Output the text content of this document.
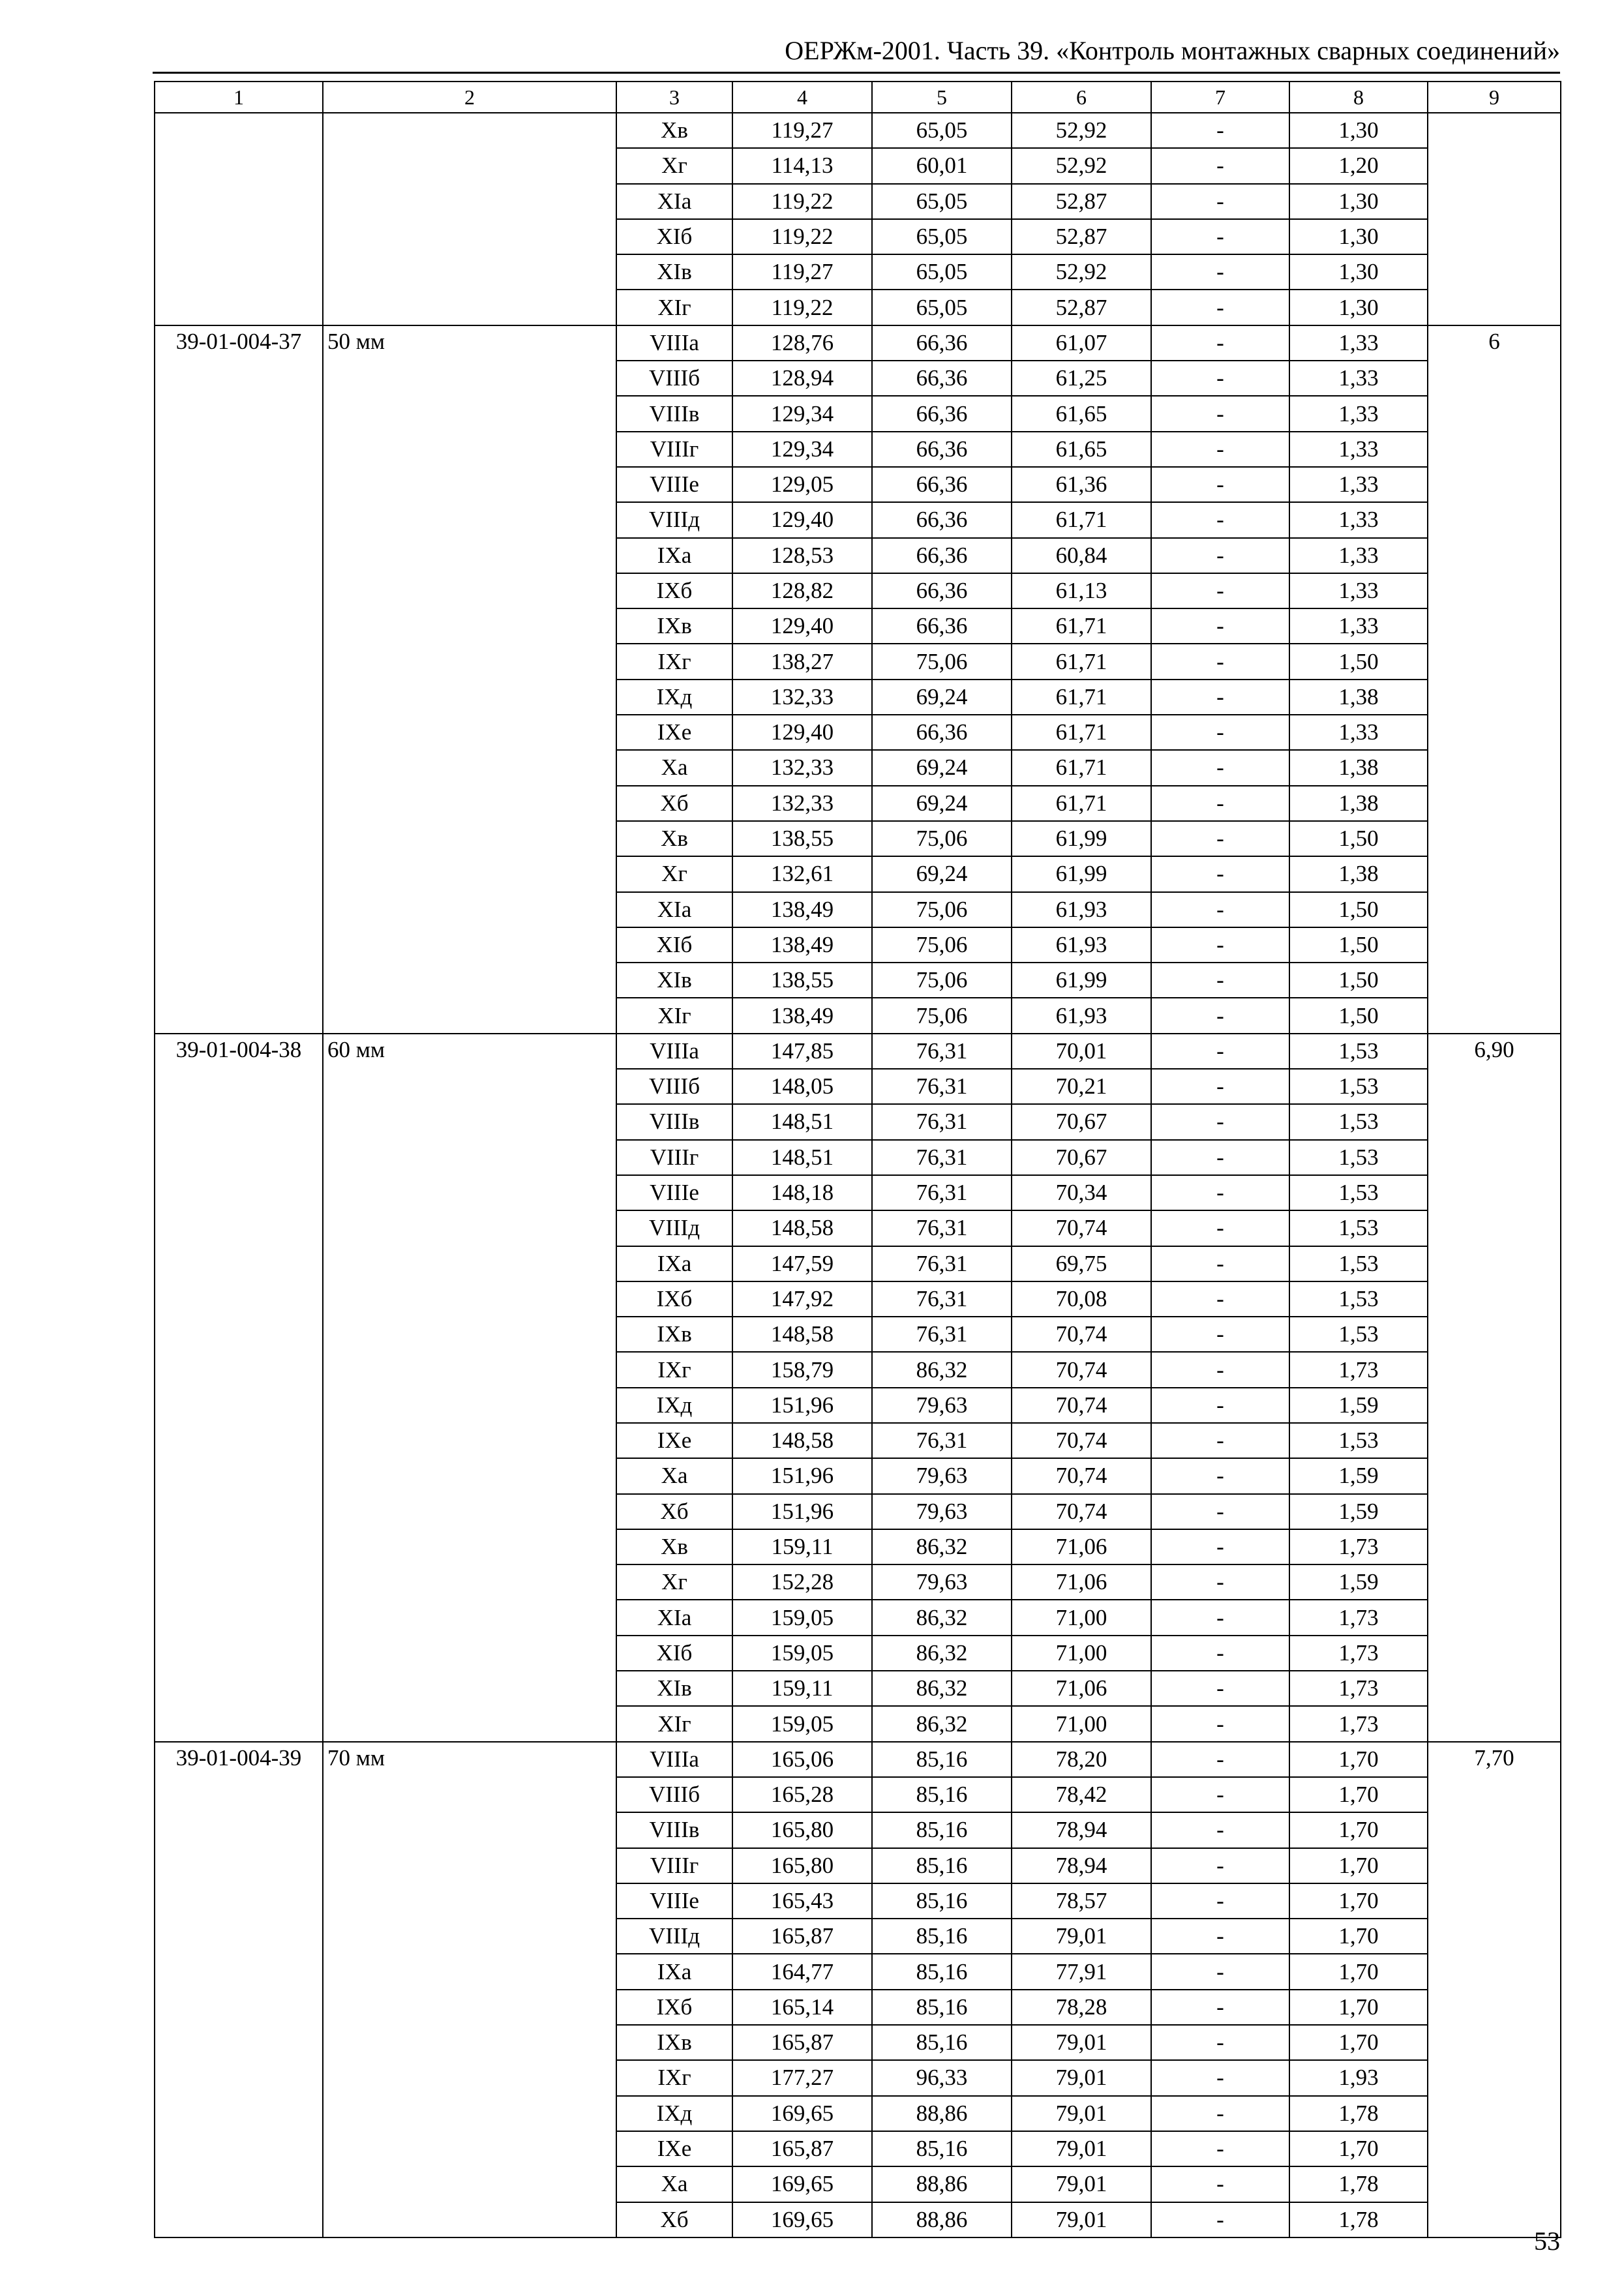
ОЕРЖм-2001. Часть 39. «Контроль монтажных сварных соединений»
1	2	3	4	5	6	7	8	9
		Хв	119,27	65,05	52,92	-	1,30	
		Хг	114,13	60,01	52,92	-	1,20	
		ХIа	119,22	65,05	52,87	-	1,30	
		ХIб	119,22	65,05	52,87	-	1,30	
		ХIв	119,27	65,05	52,92	-	1,30	
		ХIг	119,22	65,05	52,87	-	1,30	
39-01-004-37	50 мм	VIIIа	128,76	66,36	61,07	-	1,33	6
		VIIIб	128,94	66,36	61,25	-	1,33	
		VIIIв	129,34	66,36	61,65	-	1,33	
		VIIIг	129,34	66,36	61,65	-	1,33	
		VIIIе	129,05	66,36	61,36	-	1,33	
		VIIIд	129,40	66,36	61,71	-	1,33	
		IХа	128,53	66,36	60,84	-	1,33	
		IХб	128,82	66,36	61,13	-	1,33	
		IХв	129,40	66,36	61,71	-	1,33	
		IХг	138,27	75,06	61,71	-	1,50	
		IХд	132,33	69,24	61,71	-	1,38	
		IХе	129,40	66,36	61,71	-	1,33	
		Ха	132,33	69,24	61,71	-	1,38	
		Хб	132,33	69,24	61,71	-	1,38	
		Хв	138,55	75,06	61,99	-	1,50	
		Хг	132,61	69,24	61,99	-	1,38	
		ХIа	138,49	75,06	61,93	-	1,50	
		ХIб	138,49	75,06	61,93	-	1,50	
		ХIв	138,55	75,06	61,99	-	1,50	
		ХIг	138,49	75,06	61,93	-	1,50	
39-01-004-38	60 мм	VIIIа	147,85	76,31	70,01	-	1,53	6,90
		VIIIб	148,05	76,31	70,21	-	1,53	
		VIIIв	148,51	76,31	70,67	-	1,53	
		VIIIг	148,51	76,31	70,67	-	1,53	
		VIIIе	148,18	76,31	70,34	-	1,53	
		VIIIд	148,58	76,31	70,74	-	1,53	
		IХа	147,59	76,31	69,75	-	1,53	
		IХб	147,92	76,31	70,08	-	1,53	
		IХв	148,58	76,31	70,74	-	1,53	
		IХг	158,79	86,32	70,74	-	1,73	
		IХд	151,96	79,63	70,74	-	1,59	
		IХе	148,58	76,31	70,74	-	1,53	
		Ха	151,96	79,63	70,74	-	1,59	
		Хб	151,96	79,63	70,74	-	1,59	
		Хв	159,11	86,32	71,06	-	1,73	
		Хг	152,28	79,63	71,06	-	1,59	
		ХIа	159,05	86,32	71,00	-	1,73	
		ХIб	159,05	86,32	71,00	-	1,73	
		ХIв	159,11	86,32	71,06	-	1,73	
		ХIг	159,05	86,32	71,00	-	1,73	
39-01-004-39	70 мм	VIIIа	165,06	85,16	78,20	-	1,70	7,70
		VIIIб	165,28	85,16	78,42	-	1,70	
		VIIIв	165,80	85,16	78,94	-	1,70	
		VIIIг	165,80	85,16	78,94	-	1,70	
		VIIIе	165,43	85,16	78,57	-	1,70	
		VIIIд	165,87	85,16	79,01	-	1,70	
		IХа	164,77	85,16	77,91	-	1,70	
		IХб	165,14	85,16	78,28	-	1,70	
		IХв	165,87	85,16	79,01	-	1,70	
		IХг	177,27	96,33	79,01	-	1,93	
		IХд	169,65	88,86	79,01	-	1,78	
		IХе	165,87	85,16	79,01	-	1,70	
		Ха	169,65	88,86	79,01	-	1,78	
		Хб	169,65	88,86	79,01	-	1,78	
53
